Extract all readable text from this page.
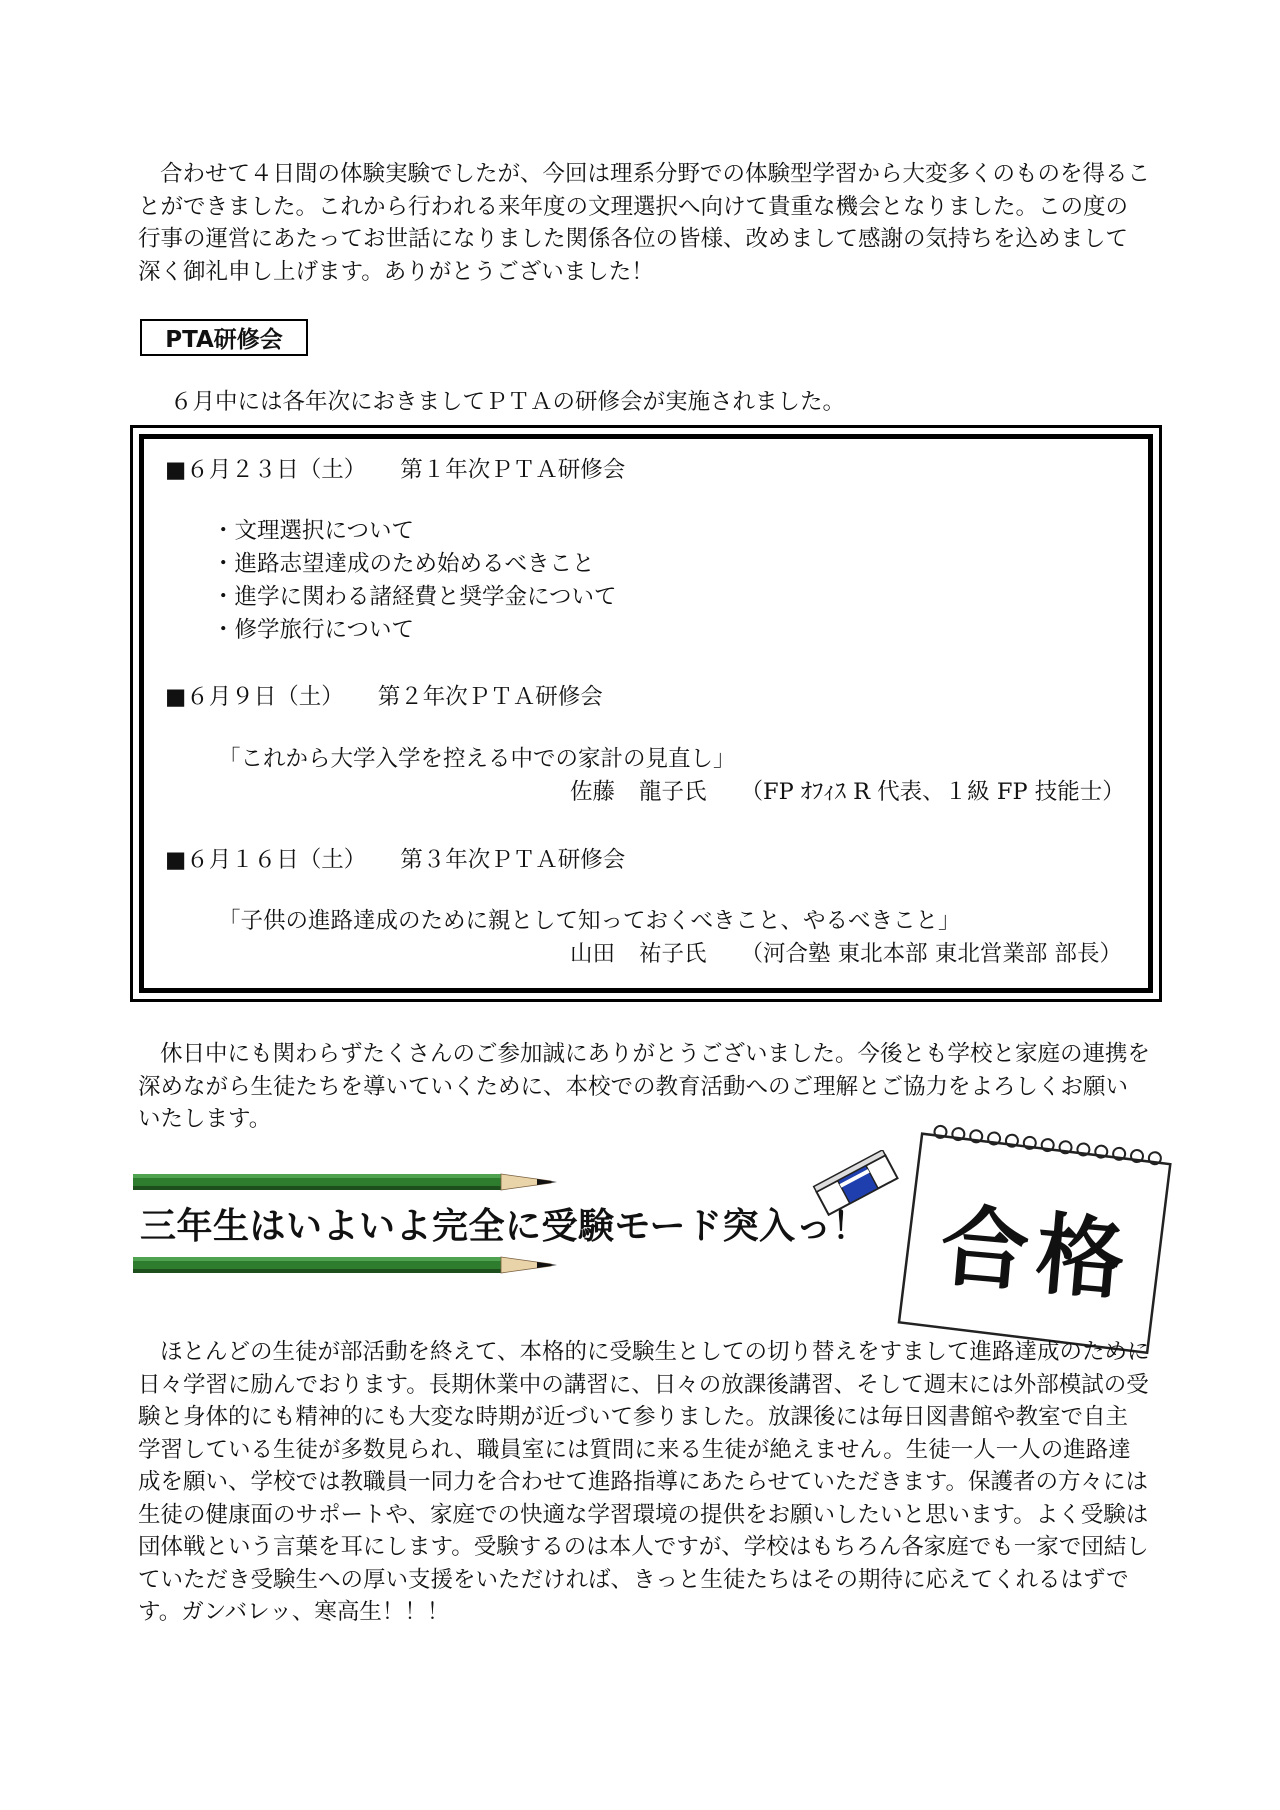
合わせて４日間の体験実験でしたが、今回は理系分野での体験型学習から大変多くのものを得ることができました。これから行われる来年度の文理選択へ向けて貴重な機会となりました。この度の行事の運営にあたってお世話になりました関係各位の皆様、改めまして感謝の気持ちを込めまして深く御礼申し上げます。ありがとうございました！

PTA研修会

６月中には各年次におきましてＰＴＡの研修会が実施されました。

■６月２３日（土） 第１年次ＰＴＡ研修会

・文理選択について

・進路志望達成のため始めるべきこと

・進学に関わる諸経費と奨学金について

・修学旅行について

■６月９日（土） 第２年次ＰＴＡ研修会

「これから大学入学を控える中での家計の見直し」

佐藤 龍子氏 （FP ｵﾌｨｽ R 代表、１級 FP 技能士）

■６月１６日（土） 第３年次ＰＴＡ研修会

「子供の進路達成のために親として知っておくべきこと、やるべきこと」

山田 祐子氏 （河合塾 東北本部 東北営業部 部長）

休日中にも関わらずたくさんのご参加誠にありがとうございました。今後とも学校と家庭の連携を深めながら生徒たちを導いていくために、本校での教育活動へのご理解とご協力をよろしくお願いいたします。

合格
三年生はいよいよ完全に受験モード突入っ！

ほとんどの生徒が部活動を終えて、本格的に受験生としての切り替えをすまして進路達成のために日々学習に励んでおります。長期休業中の講習に、日々の放課後講習、そして週末には外部模試の受験と身体的にも精神的にも大変な時期が近づいて参りました。放課後には毎日図書館や教室で自主学習している生徒が多数見られ、職員室には質問に来る生徒が絶えません。生徒一人一人の進路達成を願い、学校では教職員一同力を合わせて進路指導にあたらせていただきます。保護者の方々には生徒の健康面のサポートや、家庭での快適な学習環境の提供をお願いしたいと思います。よく受験は団体戦という言葉を耳にします。受験するのは本人ですが、学校はもちろん各家庭でも一家で団結していただき受験生への厚い支援をいただければ、きっと生徒たちはその期待に応えてくれるはずです。ガンバレッ、寒高生！！！
